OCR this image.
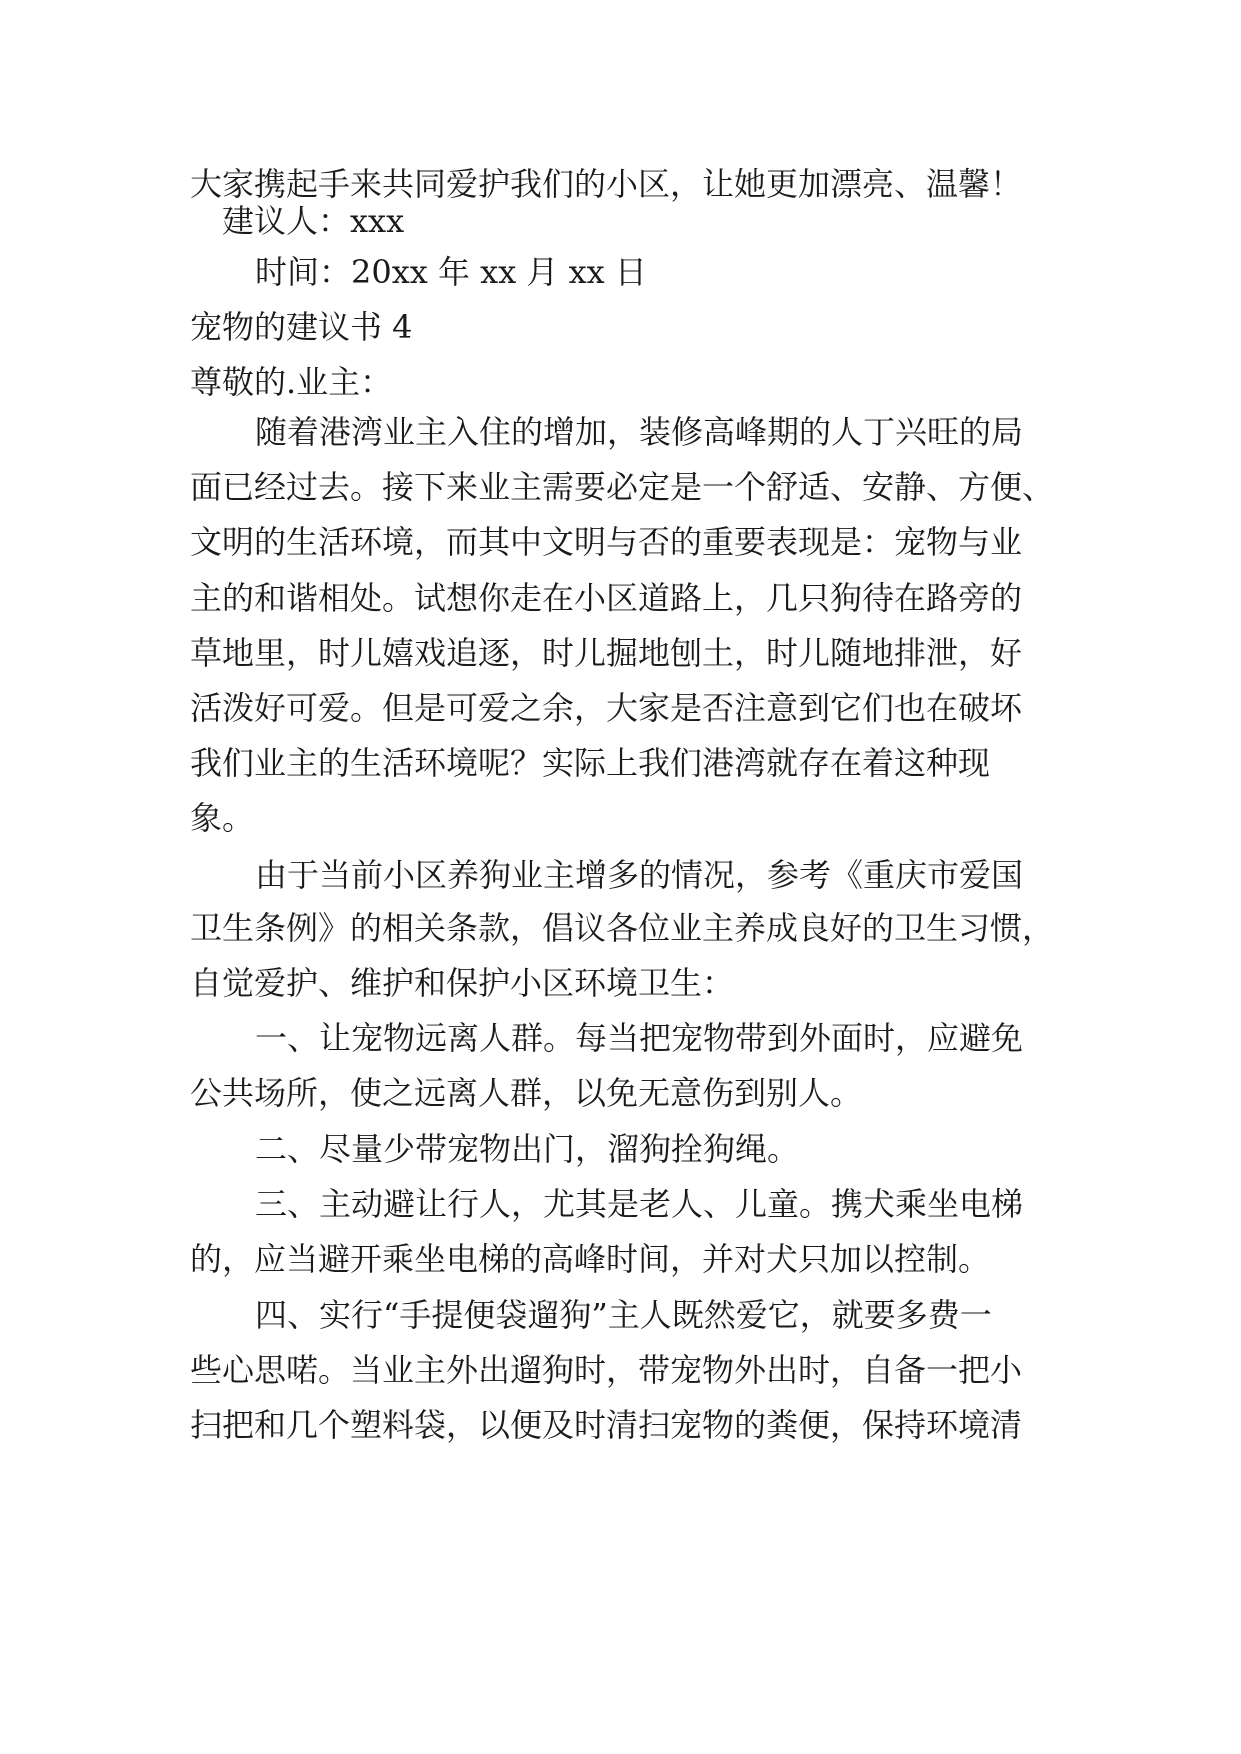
大家携起手来共同爱护我们的小区，让她更加漂亮、温馨！
建议人：xxx
时间：20xx 年 xx 月 xx 日
宠物的建议书 4
尊敬的.业主：
随着港湾业主入住的增加，装修高峰期的人丁兴旺的局
面已经过去。接下来业主需要必定是一个舒适、安静、方便、
文明的生活环境，而其中文明与否的重要表现是：宠物与业
主的和谐相处。试想你走在小区道路上，几只狗待在路旁的
草地里，时儿嬉戏追逐，时儿掘地刨土，时儿随地排泄，好
活泼好可爱。但是可爱之余，大家是否注意到它们也在破坏
我们业主的生活环境呢？实际上我们港湾就存在着这种现
象。
由于当前小区养狗业主增多的情况，参考《重庆市爱国
卫生条例》的相关条款，倡议各位业主养成良好的卫生习惯，
自觉爱护、维护和保护小区环境卫生：
一、让宠物远离人群。每当把宠物带到外面时，应避免
公共场所，使之远离人群，以免无意伤到别人。
二、尽量少带宠物出门，溜狗拴狗绳。
三、主动避让行人，尤其是老人、儿童。携犬乘坐电梯
的，应当避开乘坐电梯的高峰时间，并对犬只加以控制。
四、实行“手提便袋遛狗”主人既然爱它，就要多费一
些心思喏。当业主外出遛狗时，带宠物外出时，自备一把小
扫把和几个塑料袋，以便及时清扫宠物的粪便，保持环境清
